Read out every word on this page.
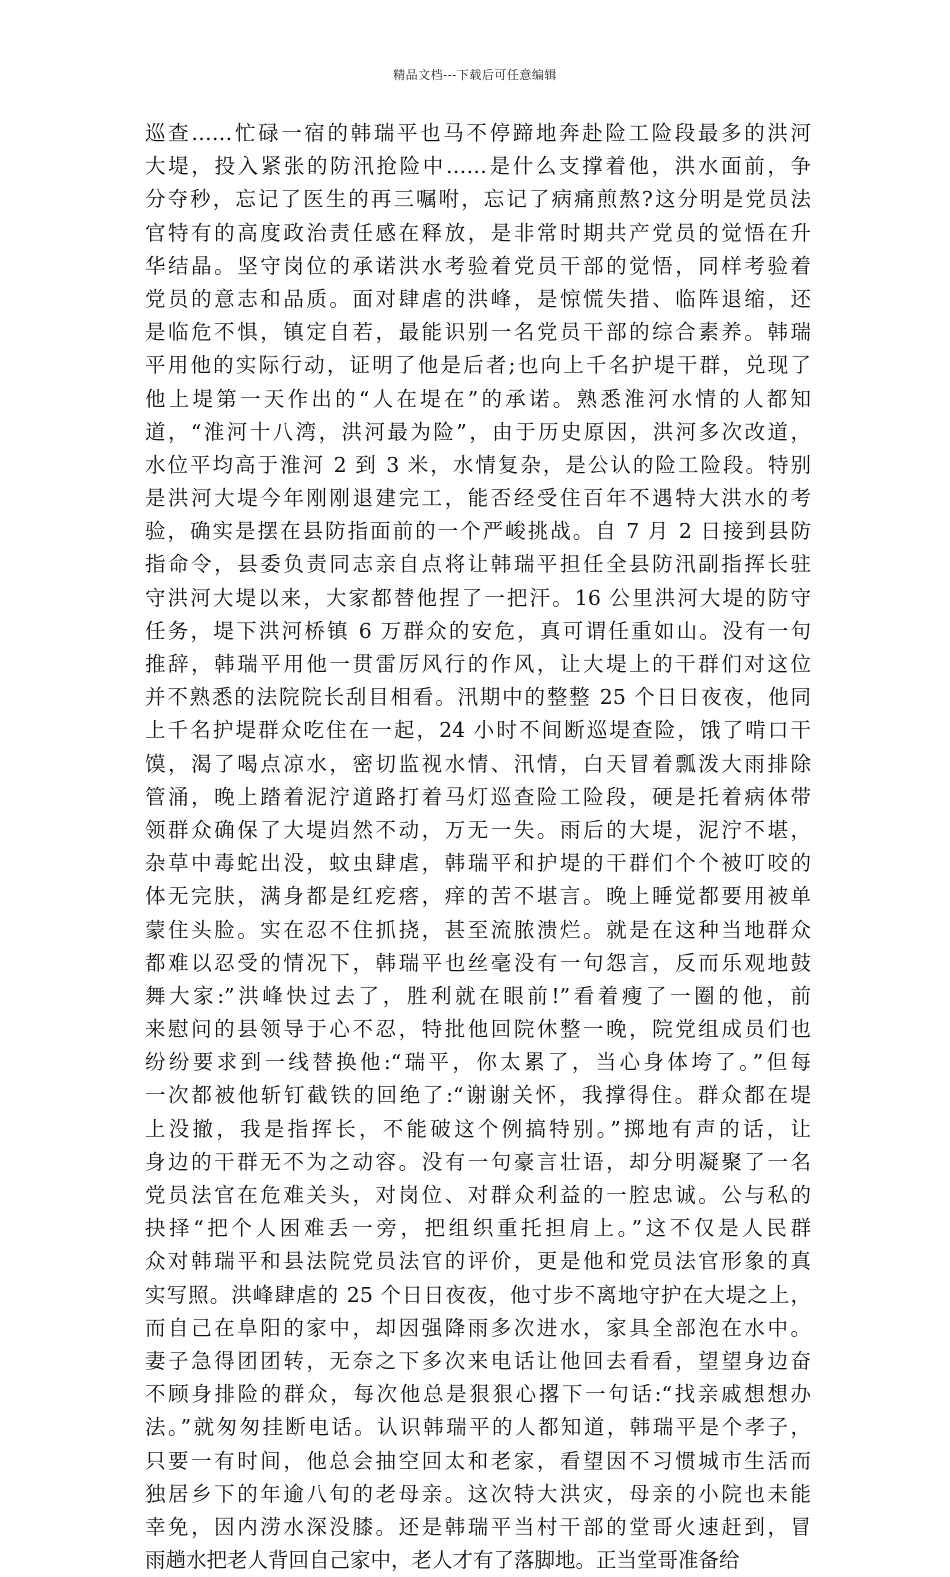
精品文档---下载后可任意编辑
巡查……忙碌一宿的韩瑞平也马不停蹄地奔赴险工险段最多的洪河
大堤，投入紧张的防汛抢险中……是什么支撑着他，洪水面前，争
分夺秒，忘记了医生的再三嘱咐，忘记了病痛煎熬?这分明是党员法
官特有的高度政治责任感在释放，是非常时期共产党员的觉悟在升
华结晶。坚守岗位的承诺洪水考验着党员干部的觉悟，同样考验着
党员的意志和品质。面对肆虐的洪峰，是惊慌失措、临阵退缩，还
是临危不惧，镇定自若，最能识别一名党员干部的综合素养。韩瑞
平用他的实际行动，证明了他是后者;也向上千名护堤干群，兑现了
他上堤第一天作出的“人在堤在”的承诺。熟悉淮河水情的人都知
道，“淮河十八湾，洪河最为险”，由于历史原因，洪河多次改道，
水位平均高于淮河 2 到 3 米，水情复杂，是公认的险工险段。特别
是洪河大堤今年刚刚退建完工，能否经受住百年不遇特大洪水的考
验，确实是摆在县防指面前的一个严峻挑战。自 7 月 2 日接到县防
指命令，县委负责同志亲自点将让韩瑞平担任全县防汛副指挥长驻
守洪河大堤以来，大家都替他捏了一把汗。16 公里洪河大堤的防守
任务，堤下洪河桥镇 6 万群众的安危，真可谓任重如山。没有一句
推辞，韩瑞平用他一贯雷厉风行的作风，让大堤上的干群们对这位
并不熟悉的法院院长刮目相看。汛期中的整整 25 个日日夜夜，他同
上千名护堤群众吃住在一起，24 小时不间断巡堤查险，饿了啃口干
馍，渴了喝点凉水，密切监视水情、汛情，白天冒着瓢泼大雨排除
管涌，晚上踏着泥泞道路打着马灯巡查险工险段，硬是托着病体带
领群众确保了大堤岿然不动，万无一失。雨后的大堤，泥泞不堪，
杂草中毒蛇出没，蚊虫肆虐，韩瑞平和护堤的干群们个个被叮咬的
体无完肤，满身都是红疙瘩，痒的苦不堪言。晚上睡觉都要用被单
蒙住头脸。实在忍不住抓挠，甚至流脓溃烂。就是在这种当地群众
都难以忍受的情况下，韩瑞平也丝毫没有一句怨言，反而乐观地鼓
舞大家:”洪峰快过去了，胜利就在眼前!”看着瘦了一圈的他，前
来慰问的县领导于心不忍，特批他回院休整一晚，院党组成员们也
纷纷要求到一线替换他:“瑞平，你太累了，当心身体垮了。”但每
一次都被他斩钉截铁的回绝了:“谢谢关怀，我撑得住。群众都在堤
上没撤，我是指挥长，不能破这个例搞特别。”掷地有声的话，让
身边的干群无不为之动容。没有一句豪言壮语，却分明凝聚了一名
党员法官在危难关头，对岗位、对群众利益的一腔忠诚。公与私的
抉择“把个人困难丢一旁，把组织重托担肩上。”这不仅是人民群
众对韩瑞平和县法院党员法官的评价，更是他和党员法官形象的真
实写照。洪峰肆虐的 25 个日日夜夜，他寸步不离地守护在大堤之上，
而自己在阜阳的家中，却因强降雨多次进水，家具全部泡在水中。
妻子急得团团转，无奈之下多次来电话让他回去看看，望望身边奋
不顾身排险的群众，每次他总是狠狠心撂下一句话:“找亲戚想想办
法。”就匆匆挂断电话。认识韩瑞平的人都知道，韩瑞平是个孝子，
只要一有时间，他总会抽空回太和老家，看望因不习惯城市生活而
独居乡下的年逾八旬的老母亲。这次特大洪灾，母亲的小院也未能
幸免，因内涝水深没膝。还是韩瑞平当村干部的堂哥火速赶到，冒
雨趟水把老人背回自己家中，老人才有了落脚地。正当堂哥准备给
